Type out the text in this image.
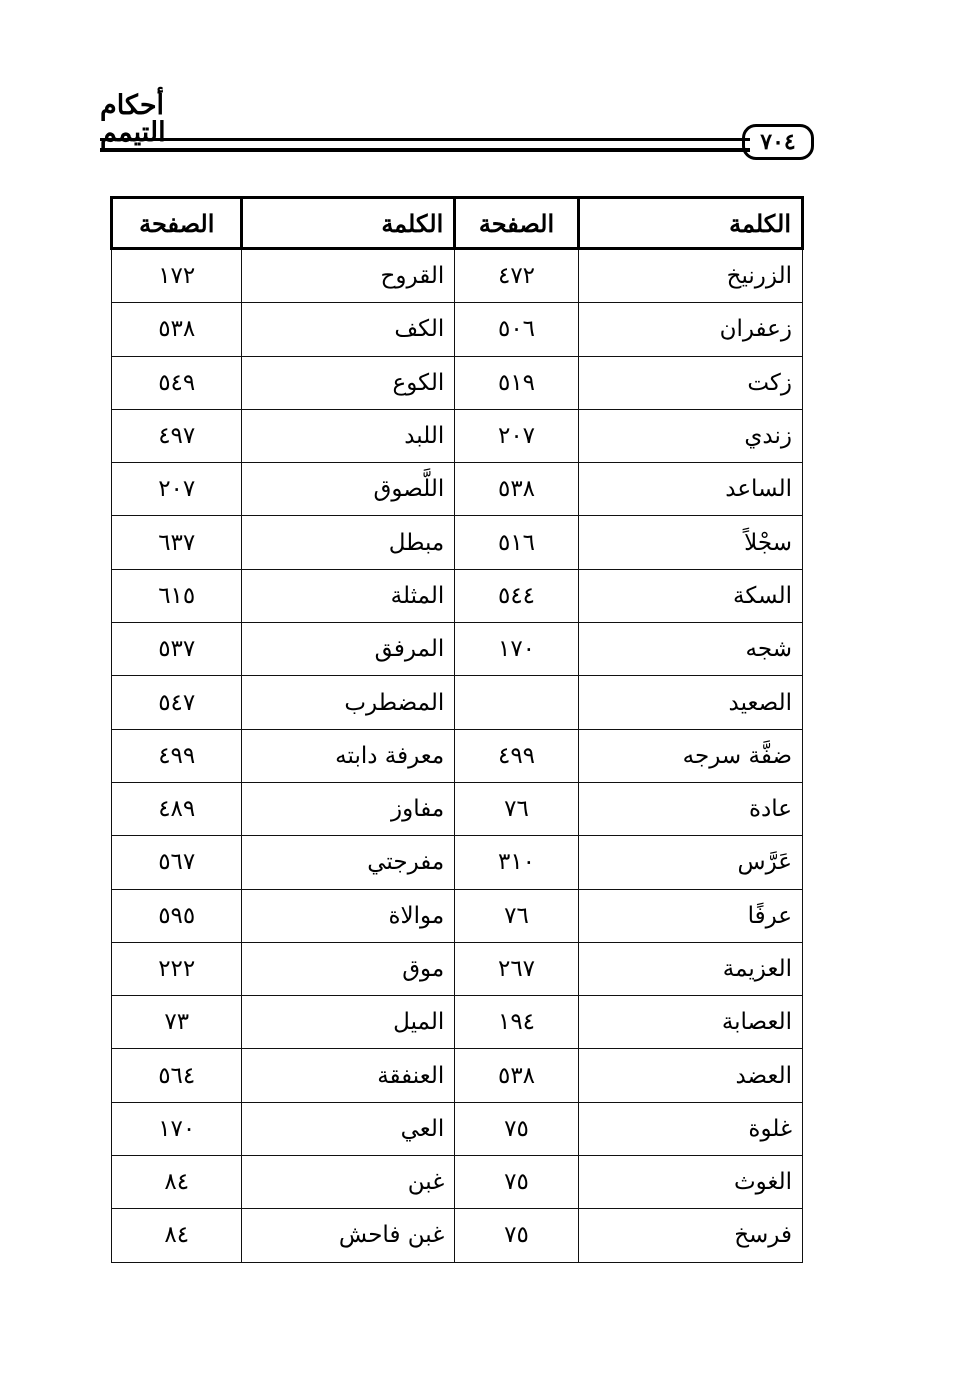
أحكام التيمم	٧٠٤
الكلمة	الصفحة	الكلمة	الصفحة
الزرنيخ	٤٧٢	القروح	١٧٢
زعفران	٥٠٦	الكف	٥٣٨
زكت	٥١٩	الكوع	٥٤٩
زندي	٢٠٧	اللبد	٤٩٧
الساعد	٥٣٨	اللَّصوق	٢٠٧
سجْلاً	٥١٦	مبطل	٦٣٧
السكة	٥٤٤	المثلة	٦١٥
شجه	١٧٠	المرفق	٥٣٧
الصعيد		المضطرب	٥٤٧
ضفَّة سرجه	٤٩٩	معرفة دابته	٤٩٩
عادة	٧٦	مفاوز	٤٨٩
عَرَّس	٣١٠	مفرجتي	٥٦٧
عرفًا	٧٦	موالاة	٥٩٥
العزيمة	٢٦٧	موق	٢٢٢
العصابة	١٩٤	الميل	٧٣
العضد	٥٣٨	العنفقة	٥٦٤
غلوة	٧٥	العي	١٧٠
الغوث	٧٥	غبن	٨٤
فرسخ	٧٥	غبن فاحش	٨٤
